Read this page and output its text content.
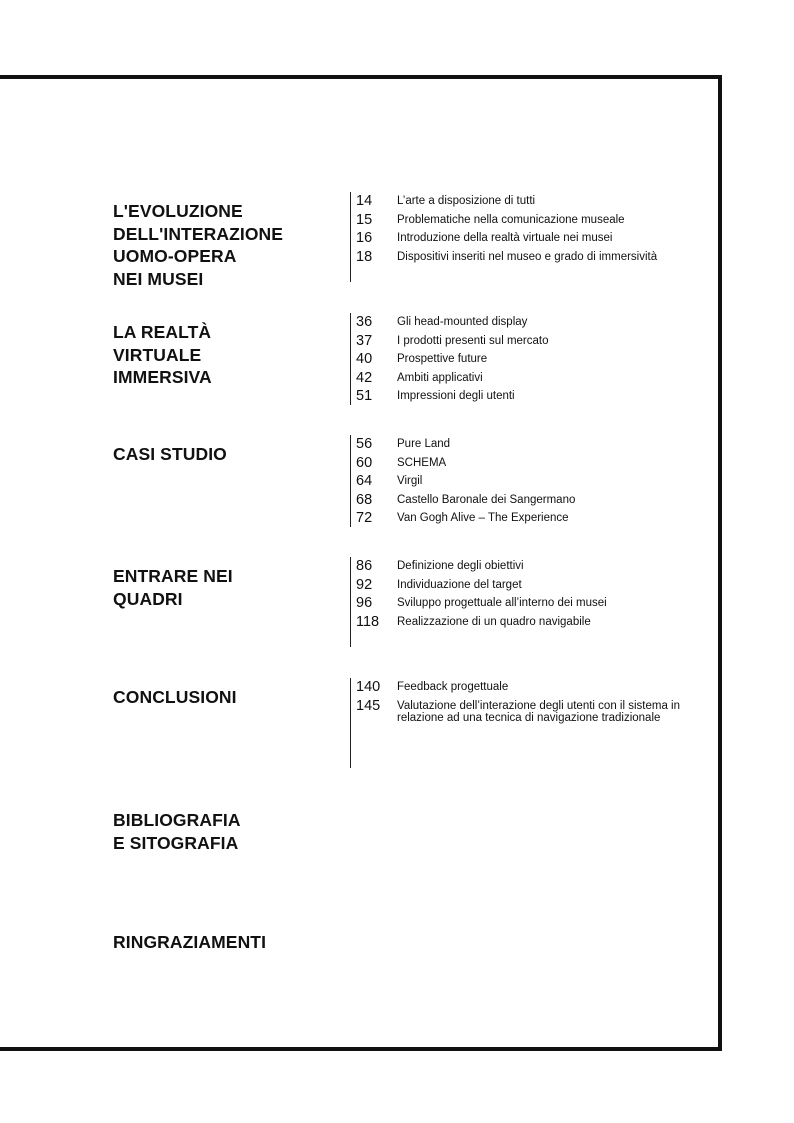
L'EVOLUZIONE
DELL'INTERAZIONE
UOMO-OPERA
NEI MUSEI
14	L’arte a disposizione di tutti
15	Problematiche nella comunicazione museale
16	Introduzione della realtà virtuale nei musei
18	Dispositivi inseriti nel museo e grado di immersività
LA REALTÀ
VIRTUALE
IMMERSIVA
36	Gli head-mounted display
37	I prodotti presenti sul mercato
40	Prospettive future
42	Ambiti applicativi
51	Impressioni degli utenti
CASI STUDIO	56	Pure Land
60	SCHEMA
64	Virgil
68	Castello Baronale dei Sangermano
72	Van Gogh Alive – The Experience
ENTRARE NEI
QUADRI
86	Definizione degli obiettivi
92	Individuazione del target
96	Sviluppo progettuale all’interno dei musei
118	Realizzazione di un quadro navigabile
CONCLUSIONI	140	Feedback progettuale
145	Valutazione dell’interazione degli utenti con il sistema in relazione ad una tecnica di navigazione tradizionale
BIBLIOGRAFIA
E SITOGRAFIA
RINGRAZIAMENTI
